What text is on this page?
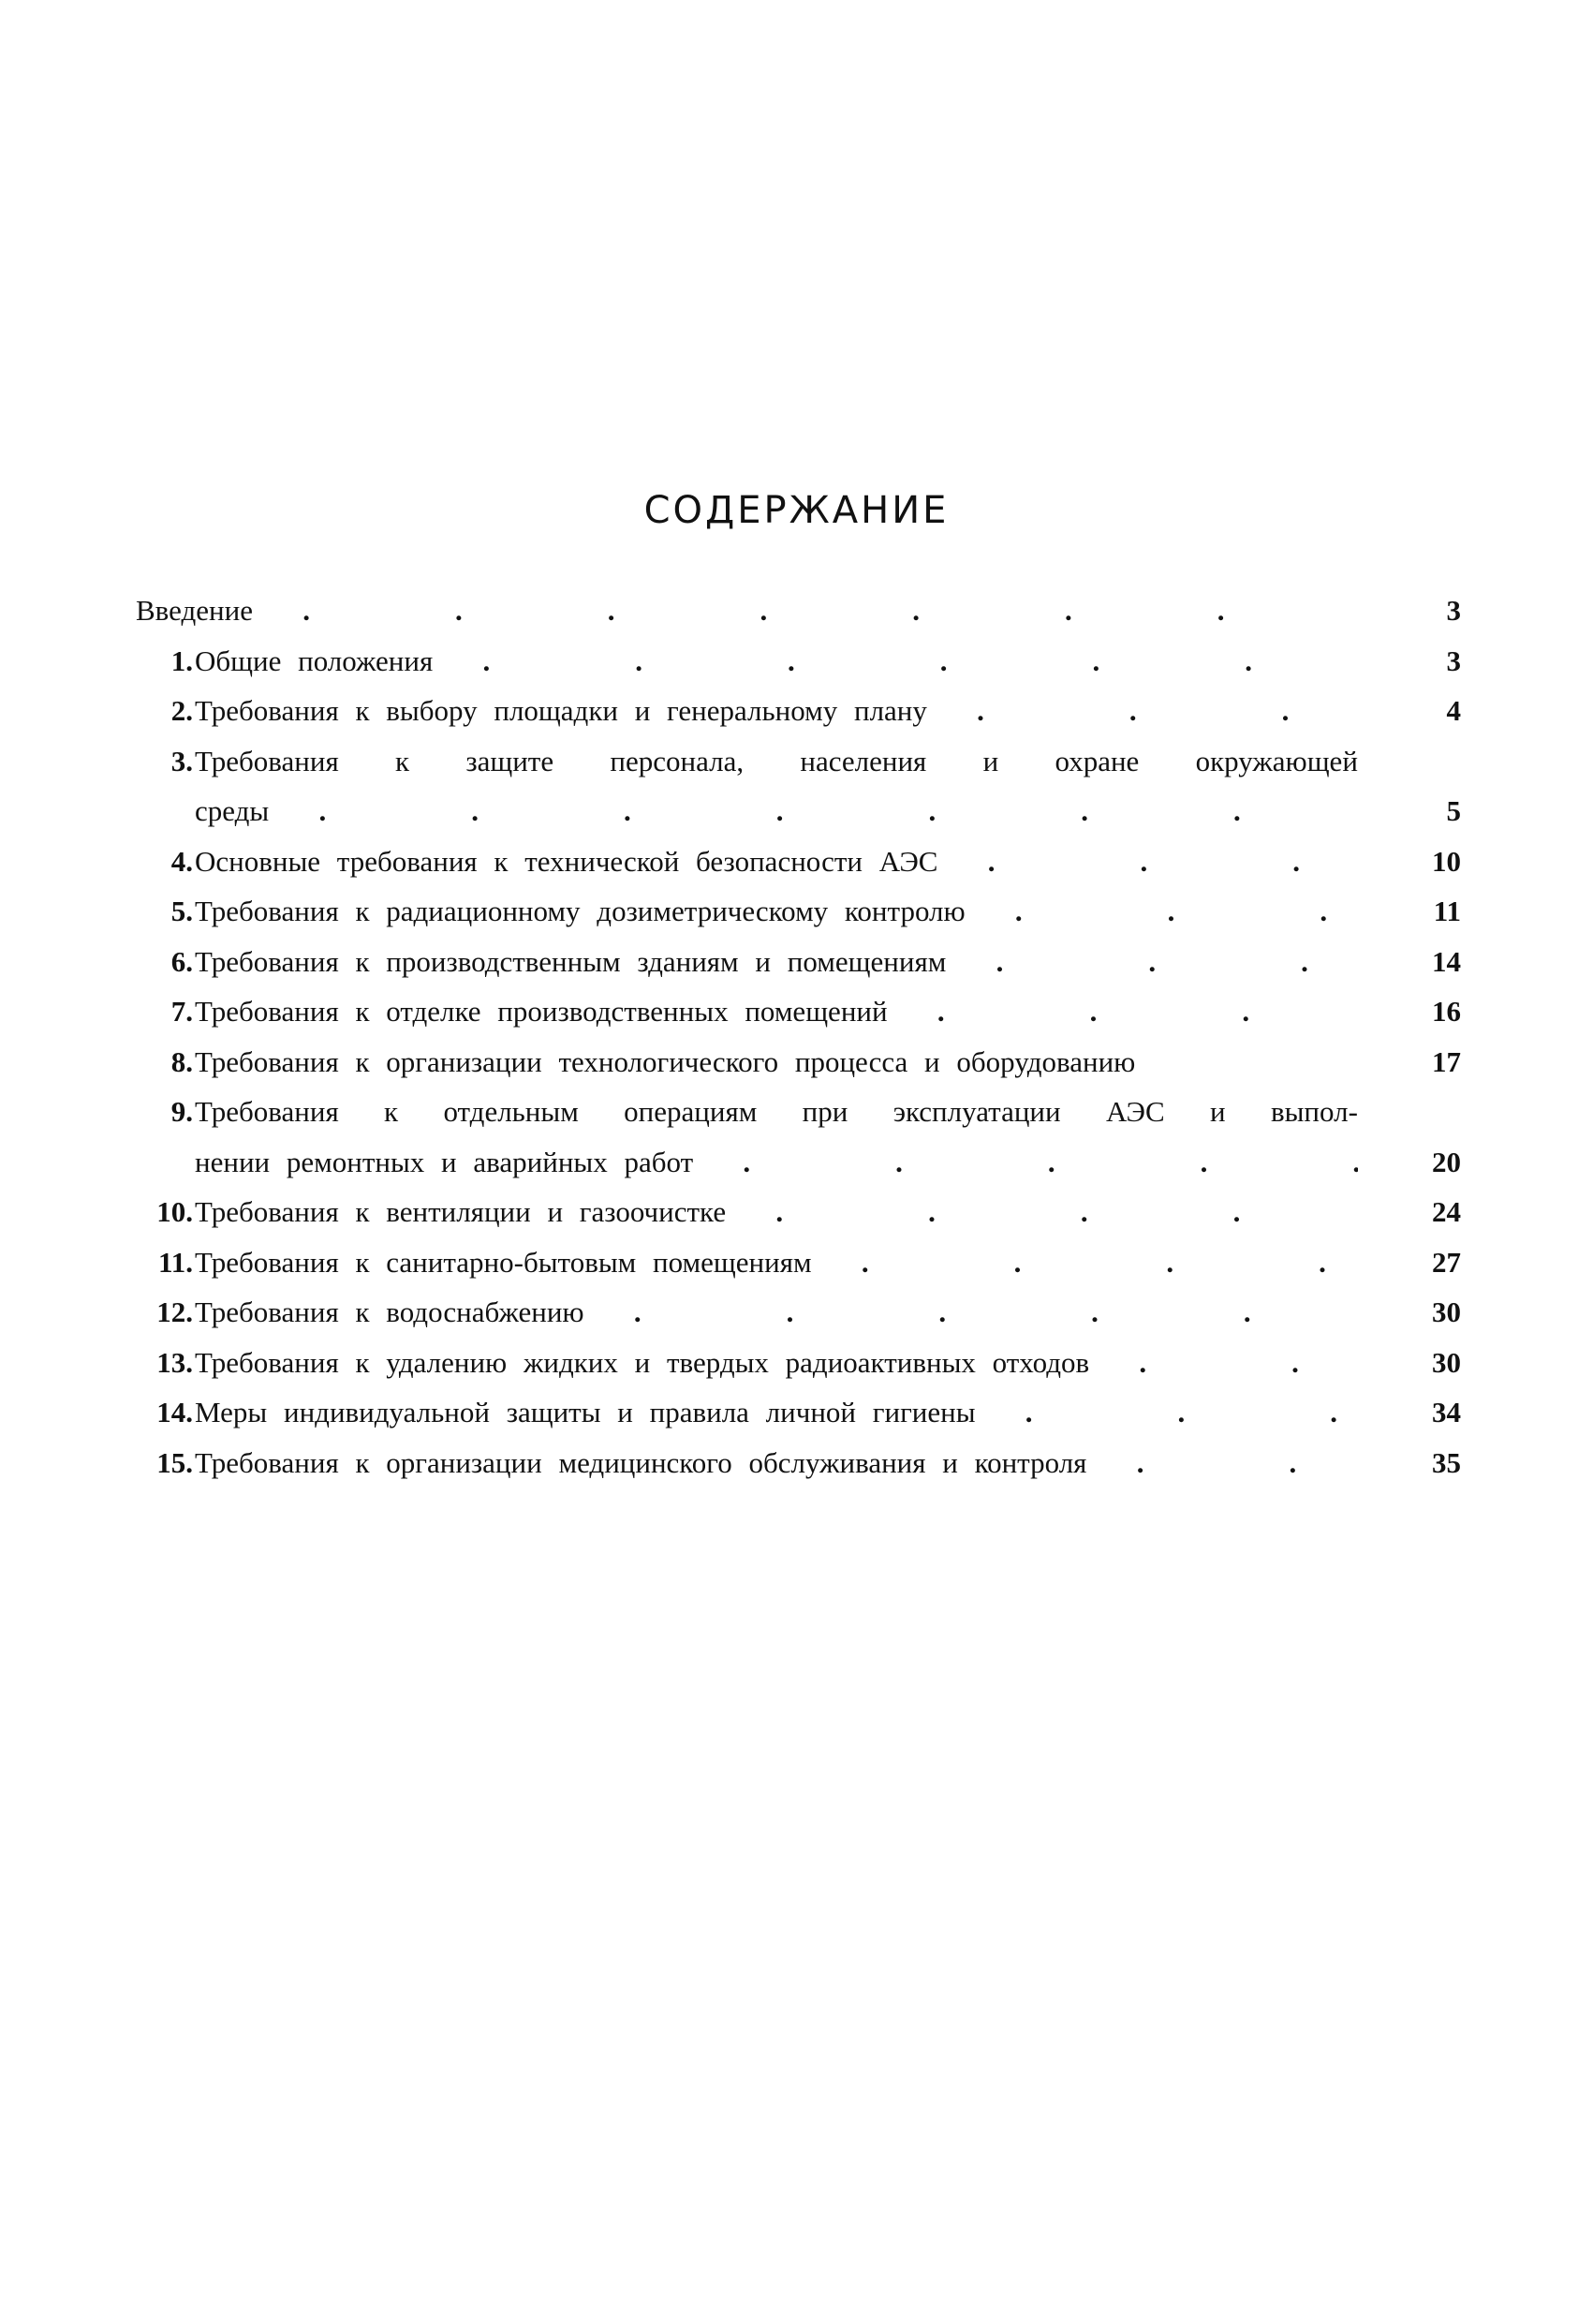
СОДЕРЖАНИЕ
Введение .	3
1. Общие положения .	3
2. Требования к выбору площадки и генеральному плану .	4
3. Требования к защите персонала, населения и охране окружающей
среды .	5
4. Основные требования к технической безопасности АЭС .	10
5. Требования к радиационному дозиметрическому контролю .	11
6. Требования к производственным зданиям и помещениям .	14
7. Требования к отделке производственных помещений .	16
8. Требования к организации технологического процесса и оборудованию	17
9. Требования к отдельным операциям при эксплуатации АЭС и выпол-
нении ремонтных и аварийных работ .	20
10. Требования к вентиляции и газоочистке .	24
11. Требования к санитарно-бытовым помещениям .	27
12. Требования к водоснабжению .	30
13. Требования к удалению жидких и твердых радиоактивных отходов .	30
14. Меры индивидуальной защиты и правила личной гигиены .	34
15. Требования к организации медицинского обслуживания и контроля .	35
